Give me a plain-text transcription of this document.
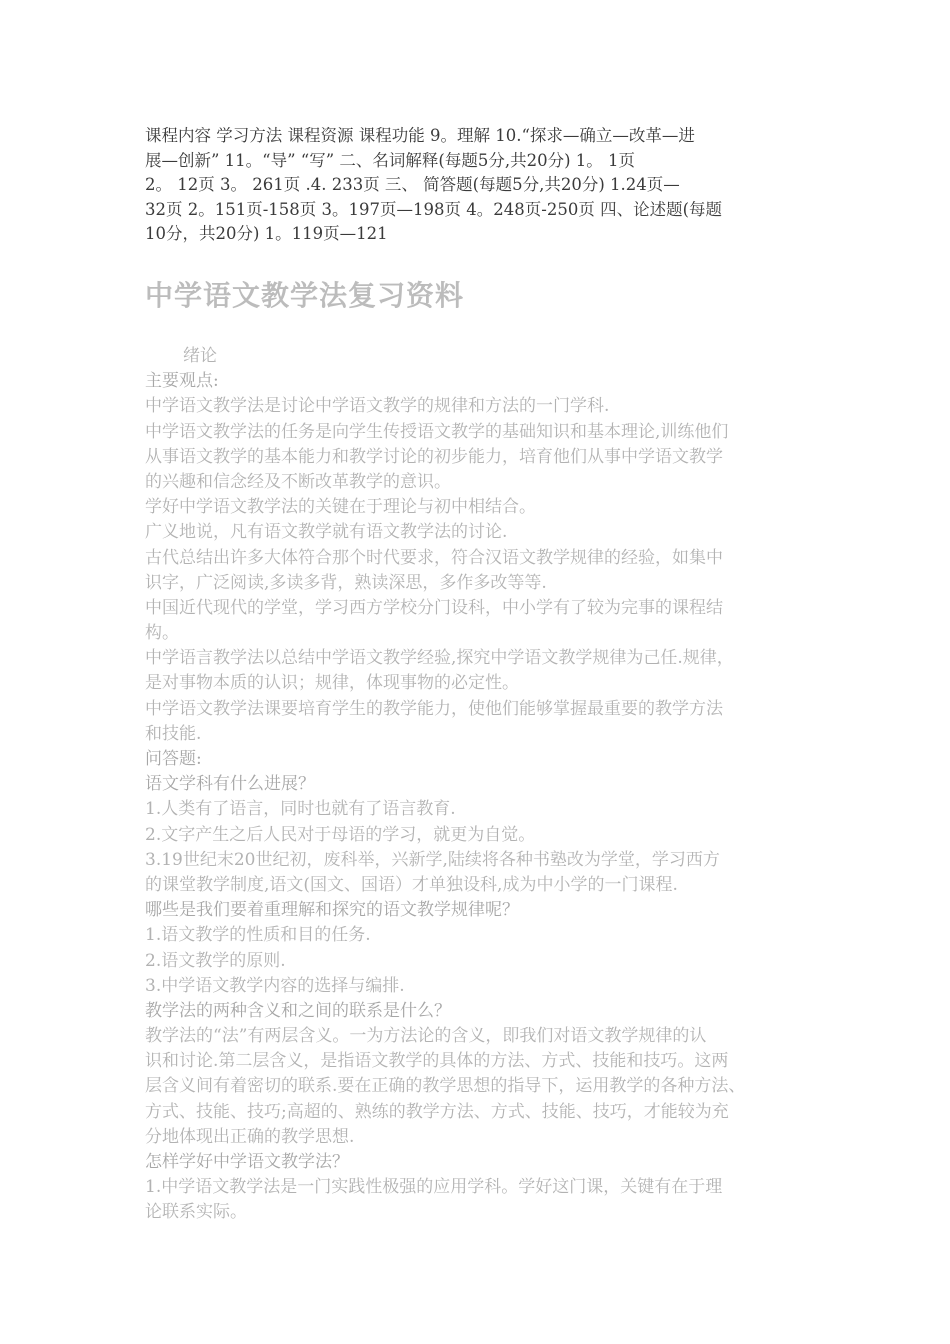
课程内容 学习方法 课程资源 课程功能 9。理解 10.“探求—确立—改革—进
展—创新” 11。“导” “写” 二、名词解释(每题5分,共20分) 1。 1页
2。 12页 3。 261页 .4. 233页 三、 简答题(每题5分,共20分) 1.24页—
32页 2。151页-158页 3。197页—198页 4。248页-250页 四、论述题(每题
10分，共20分) 1。119页—121
中学语文教学法复习资料
绪论
主要观点:
中学语文教学法是讨论中学语文教学的规律和方法的一门学科.
中学语文教学法的任务是向学生传授语文教学的基础知识和基本理论,训练他们
从事语文教学的基本能力和教学讨论的初步能力，培育他们从事中学语文教学
的兴趣和信念经及不断改革教学的意识。
学好中学语文教学法的关键在于理论与初中相结合。
广义地说，凡有语文教学就有语文教学法的讨论.
古代总结出许多大体符合那个时代要求，符合汉语文教学规律的经验，如集中
识字，广泛阅读,多读多背，熟读深思，多作多改等等.
中国近代现代的学堂，学习西方学校分门设科，中小学有了较为完事的课程结
构。
中学语言教学法以总结中学语文教学经验,探究中学语文教学规律为己任.规律，
是对事物本质的认识；规律，体现事物的必定性。
中学语文教学法课要培育学生的教学能力，使他们能够掌握最重要的教学方法
和技能.
问答题:
语文学科有什么进展？
1.人类有了语言，同时也就有了语言教育.
2.文字产生之后人民对于母语的学习，就更为自觉。
3.19世纪末20世纪初，废科举，兴新学,陆续将各种书塾改为学堂，学习西方
的课堂教学制度,语文(国文、国语）才单独设科,成为中小学的一门课程.
哪些是我们要着重理解和探究的语文教学规律呢？
1.语文教学的性质和目的任务.
2.语文教学的原则.
3.中学语文教学内容的选择与编排.
教学法的两种含义和之间的联系是什么？
教学法的“法”有两层含义。一为方法论的含义，即我们对语文教学规律的认
识和讨论.第二层含义，是指语文教学的具体的方法、方式、技能和技巧。这两
层含义间有着密切的联系.要在正确的教学思想的指导下，运用教学的各种方法、
方式、技能、技巧;高超的、熟练的教学方法、方式、技能、技巧，才能较为充
分地体现出正确的教学思想.
怎样学好中学语文教学法？
1.中学语文教学法是一门实践性极强的应用学科。学好这门课，关键有在于理
论联系实际。
